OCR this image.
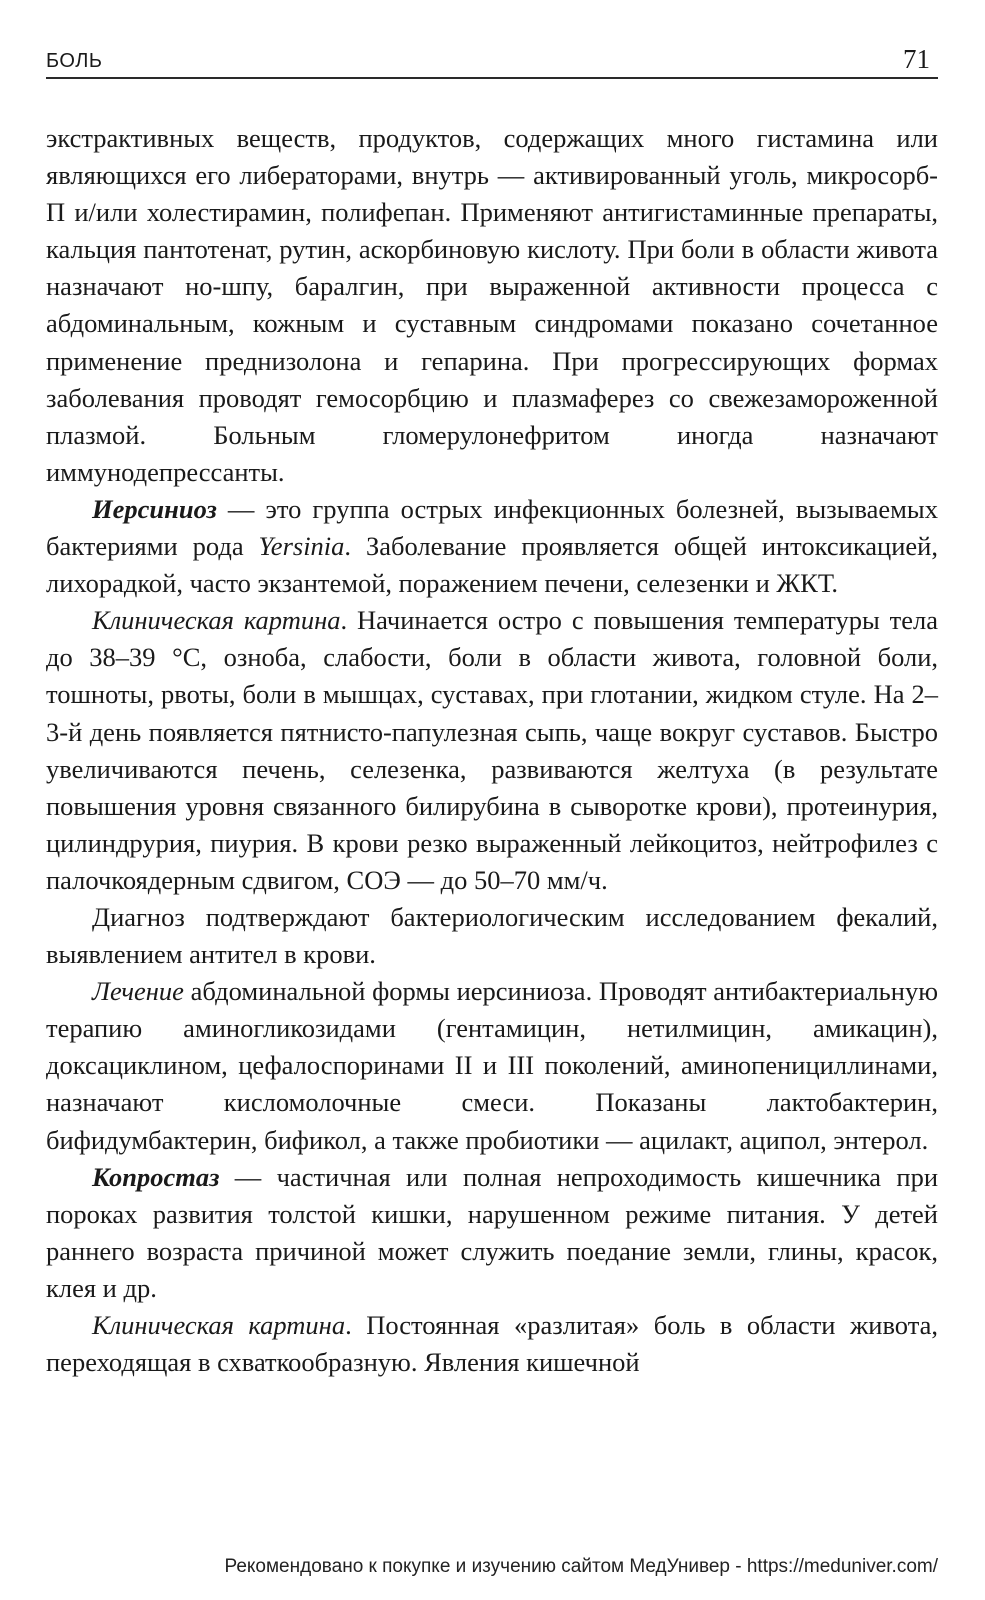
БОЛЬ	71

экстрактивных веществ, продуктов, содержащих много гистамина или являющихся его либераторами, внутрь — активированный уголь, микросорб-П и/или холестирамин, полифепан. Применяют антигистаминные препараты, кальция пантотенат, рутин, аскорбиновую кислоту. При боли в области живота назначают но-шпу, баралгин, при выраженной активности процесса с абдоминальным, кожным и суставным синдромами показано сочетанное применение преднизолона и гепарина. При прогрессирующих формах заболевания проводят гемосорбцию и плазмаферез со свежезамороженной плазмой. Больным гломерулонефритом иногда назначают иммунодепрессанты.

Иерсиниоз — это группа острых инфекционных болезней, вызываемых бактериями рода Yersinia. Заболевание проявляется общей интоксикацией, лихорадкой, часто экзантемой, поражением печени, селезенки и ЖКТ.

Клиническая картина. Начинается остро с повышения температуры тела до 38–39 °С, озноба, слабости, боли в области живота, головной боли, тошноты, рвоты, боли в мышцах, суставах, при глотании, жидком стуле. На 2–3-й день появляется пятнисто-папулезная сыпь, чаще вокруг суставов. Быстро увеличиваются печень, селезенка, развиваются желтуха (в результате повышения уровня связанного билирубина в сыворотке крови), протеинурия, цилиндрурия, пиурия. В крови резко выраженный лейкоцитоз, нейтрофилез с палочкоядерным сдвигом, СОЭ — до 50–70 мм/ч.

Диагноз подтверждают бактериологическим исследованием фекалий, выявлением антител в крови.

Лечение абдоминальной формы иерсиниоза. Проводят антибактериальную терапию аминогликозидами (гентамицин, нетилмицин, амикацин), доксациклином, цефалоспоринами II и III поколений, аминопенициллинами, назначают кисломолочные смеси. Показаны лактобактерин, бифидумбактерин, бификол, а также пробиотики — ацилакт, аципол, энтерол.

Копростаз — частичная или полная непроходимость кишечника при пороках развития толстой кишки, нарушенном режиме питания. У детей раннего возраста причиной может служить поедание земли, глины, красок, клея и др.

Клиническая картина. Постоянная «разлитая» боль в области живота, переходящая в схваткообразную. Явления кишечной

Рекомендовано к покупке и изучению сайтом МедУнивер - https://meduniver.com/
